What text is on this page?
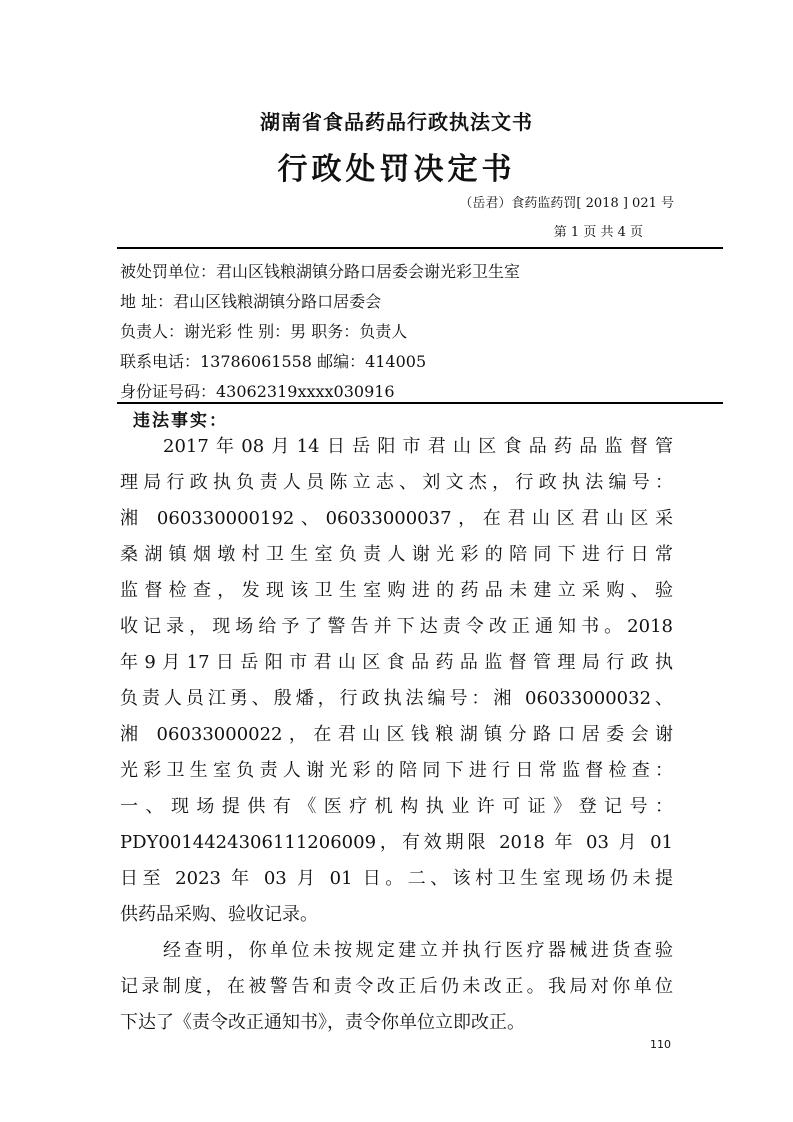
湖南省食品药品行政执法文书
行政处罚决定书
（岳君）食药监药罚[ 2018 ] 021 号
第 1 页 共 4 页
被处罚单位：君山区钱粮湖镇分路口居委会谢光彩卫生室
地 址：君山区钱粮湖镇分路口居委会
负责人：谢光彩 性 别：男 职务：负责人
联系电话：13786061558 邮编：414005
身份证号码：43062319xxxx030916
违法事实：
2017年08月14日岳阳市君山区食品药品监督管
理局行政执负责人员陈立志、刘文杰，行政执法编号：
湘 060330000192、06033000037，在君山区君山区采
桑湖镇烟墩村卫生室负责人谢光彩的陪同下进行日常
监督检查，发现该卫生室购进的药品未建立采购、验
收记录，现场给予了警告并下达责令改正通知书。2018
年9月17日岳阳市君山区食品药品监督管理局行政执
负责人员江勇、殷燔，行政执法编号：湘 06033000032、
湘 06033000022，在君山区钱粮湖镇分路口居委会谢
光彩卫生室负责人谢光彩的陪同下进行日常监督检查：
一、现场提供有《医疗机构执业许可证》登记号：
PDY0014424306111206009，有效期限 2018 年 03 月 01
日至 2023 年 03 月 01 日。二、该村卫生室现场仍未提
供药品采购、验收记录。
经查明，你单位未按规定建立并执行医疗器械进货查验
记录制度，在被警告和责令改正后仍未改正。我局对你单位
下达了《责令改正通知书》，责令你单位立即改正。
110
